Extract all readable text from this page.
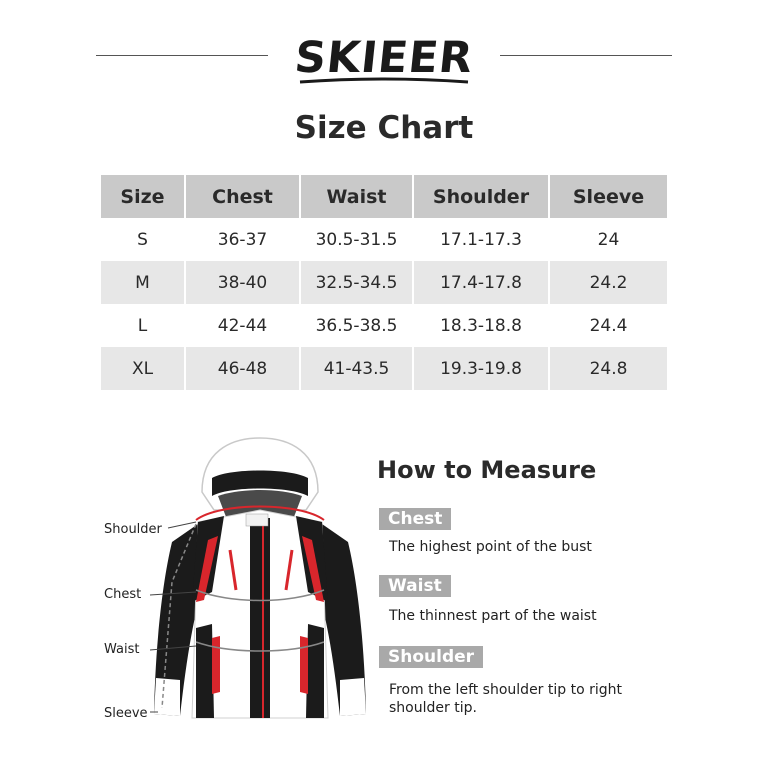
SKIEER
Size Chart
Size	Chest	Waist	Shoulder	Sleeve
S	36-37	30.5-31.5	17.1-17.3	24
M	38-40	32.5-34.5	17.4-17.8	24.2
L	42-44	36.5-38.5	18.3-18.8	24.4
XL	46-48	41-43.5	19.3-19.8	24.8
Shoulder
Chest
Waist
Sleeve
How to Measure
Chest
The highest point of the bust
Waist
The thinnest part of the waist
Shoulder
From the left shoulder tip to right
shoulder tip.
